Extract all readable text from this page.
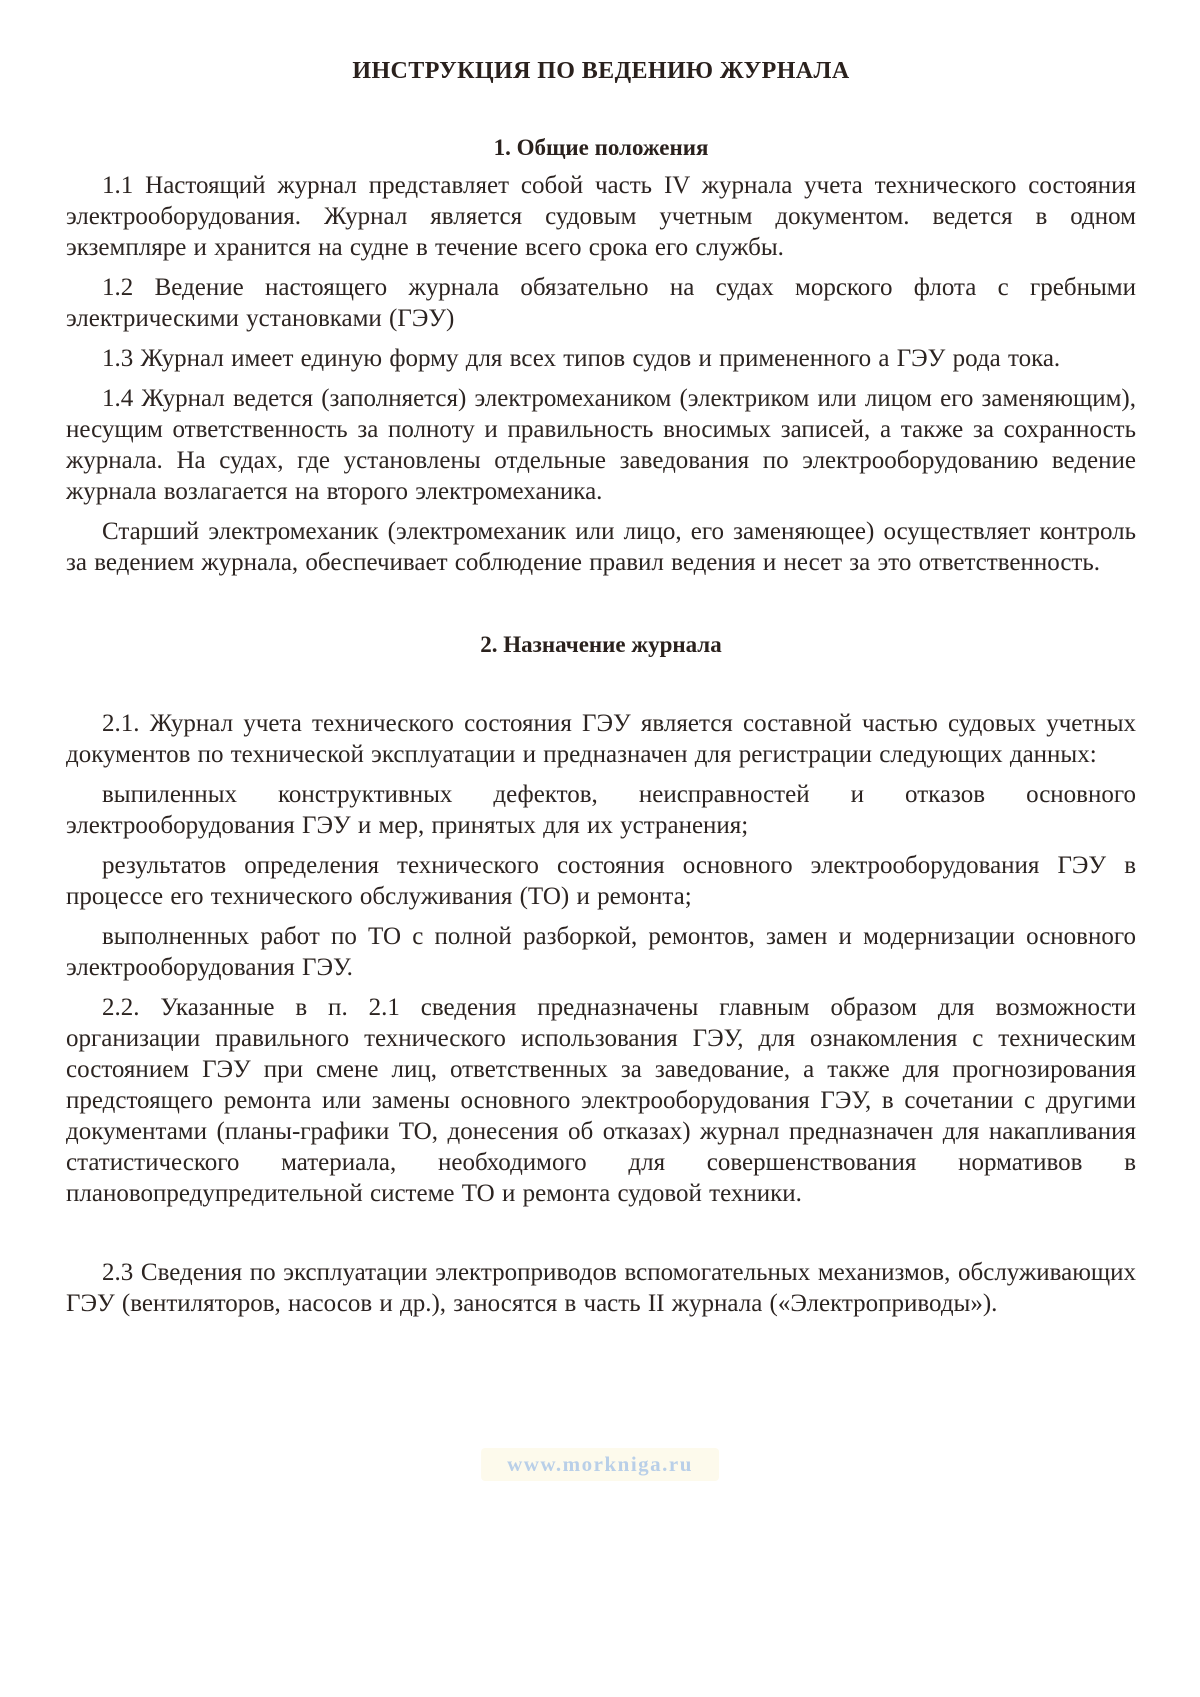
ИНСТРУКЦИЯ ПО ВЕДЕНИЮ ЖУРНАЛА
1. Общие положения

1.1 Настоящий журнал представляет собой часть IV журнала учета технического состояния электрооборудования. Журнал является судовым учетным документом. ведется в одном экземпляре и хранится на судне в течение всего срока его службы.

1.2 Ведение настоящего журнала обязательно на судах морского флота с гребными электрическими установками (ГЭУ)

1.3 Журнал имеет единую форму для всех типов судов и примененного а ГЭУ рода тока.

1.4 Журнал ведется (заполняется) электромехаником (электриком или лицом его заменяющим), несущим ответственность за полноту и правильность вносимых записей, а также за сохранность журнала. На судах, где установлены отдельные заведования по электрооборудованию ведение журнала возлагается на второго электромеханика.

Старший электромеханик (электромеханик или лицо, его заменяющее) осуществляет контроль за ведением журнала, обеспечивает соблюдение правил ведения и несет за это ответственность.

2. Назначение журнала

2.1. Журнал учета технического состояния ГЭУ является составной частью судовых учетных документов по технической эксплуатации и предназначен для регистрации следующих данных:

выпиленных конструктивных дефектов, неисправностей и отказов основного электрооборудования ГЭУ и мер, принятых для их устранения;

результатов определения технического состояния основного электрооборудования ГЭУ в процессе его технического обслуживания (ТО) и ремонта;

выполненных работ по ТО с полной разборкой, ремонтов, замен и модернизации основного электрооборудования ГЭУ.

2.2. Указанные в п. 2.1 сведения предназначены главным образом для возможности организации правильного технического использования ГЭУ, для ознакомления с техническим состоянием ГЭУ при смене лиц, ответственных за заведование, а также для прогнозирования предстоящего ремонта или замены основного электрооборудования ГЭУ, в сочетании с другими документами (планы-графики ТО, донесения об отказах) журнал предназначен для накапливания статистического материала, необходимого для совершенствования нормативов в плановопредупредительной системе ТО и ремонта судовой техники.

2.3 Сведения по эксплуатации электроприводов вспомогательных механизмов, обслуживающих ГЭУ (вентиляторов, насосов и др.), заносятся в часть II журнала («Электроприводы»).

www.morkniga.ru
